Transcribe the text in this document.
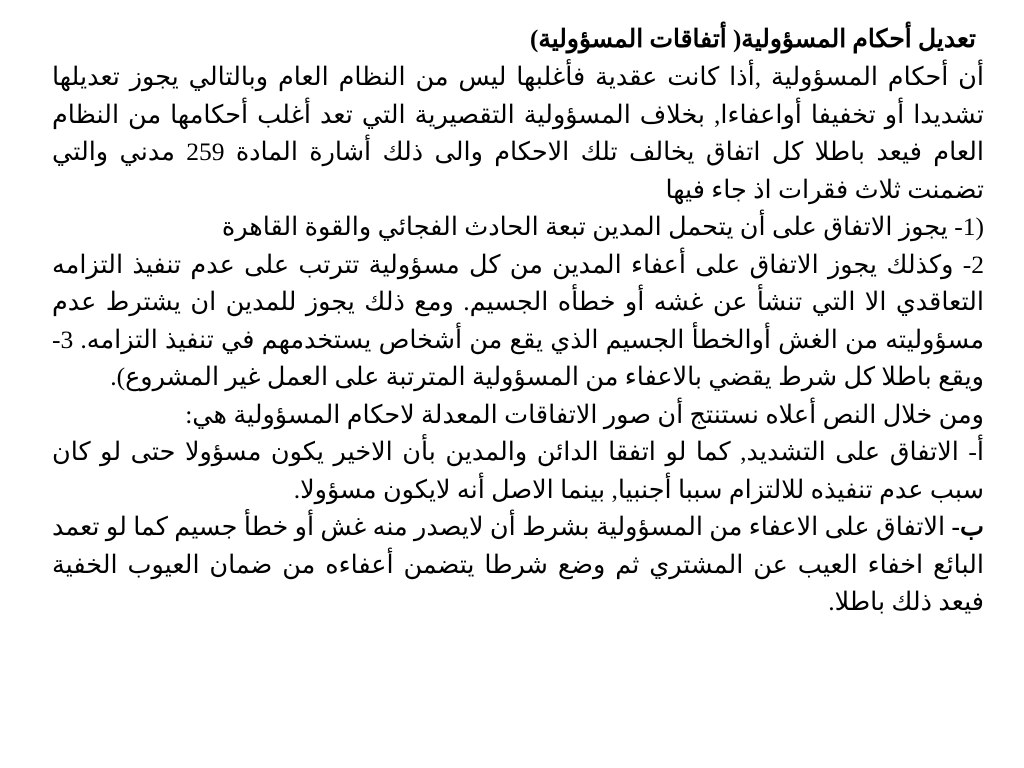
تعديل أحكام المسؤولية( أتفاقات المسؤولية)

أن أحكام المسؤولية ,أذا كانت عقدية فأغلبها ليس من النظام العام وبالتالي يجوز تعديلها تشديدا أو تخفيفا أواعفاءا, بخلاف المسؤولية التقصيرية التي تعد أغلب أحكامها من النظام العام فيعد باطلا كل اتفاق يخالف تلك الاحكام والى ذلك أشارة المادة 259 مدني والتي تضمنت ثلاث فقرات اذ جاء فيها

(1- يجوز الاتفاق على أن يتحمل المدين تبعة الحادث الفجائي والقوة القاهرة

2- وكذلك يجوز الاتفاق على أعفاء المدين من كل مسؤولية تترتب على عدم تنفيذ التزامه التعاقدي الا التي تنشأ عن غشه أو خطأه الجسيم. ومع ذلك يجوز للمدين ان يشترط عدم مسؤوليته من الغش أوالخطأ الجسيم الذي يقع من أشخاص يستخدمهم في تنفيذ التزامه. 3- ويقع باطلا كل شرط يقضي بالاعفاء من المسؤولية المترتبة على العمل غير المشروع).

ومن خلال النص أعلاه نستنتج أن صور الاتفاقات المعدلة لاحكام المسؤولية هي:

أ- الاتفاق على التشديد, كما لو اتفقا الدائن والمدين بأن الاخير يكون مسؤولا حتى لو كان سبب عدم تنفيذه للالتزام سببا أجنبيا, بينما الاصل أنه لايكون مسؤولا.

ب- الاتفاق على الاعفاء من المسؤولية بشرط أن لايصدر منه غش أو خطأ جسيم كما لو تعمد البائع اخفاء العيب عن المشتري ثم وضع شرطا يتضمن أعفاءه من ضمان العيوب الخفية فيعد ذلك باطلا.
